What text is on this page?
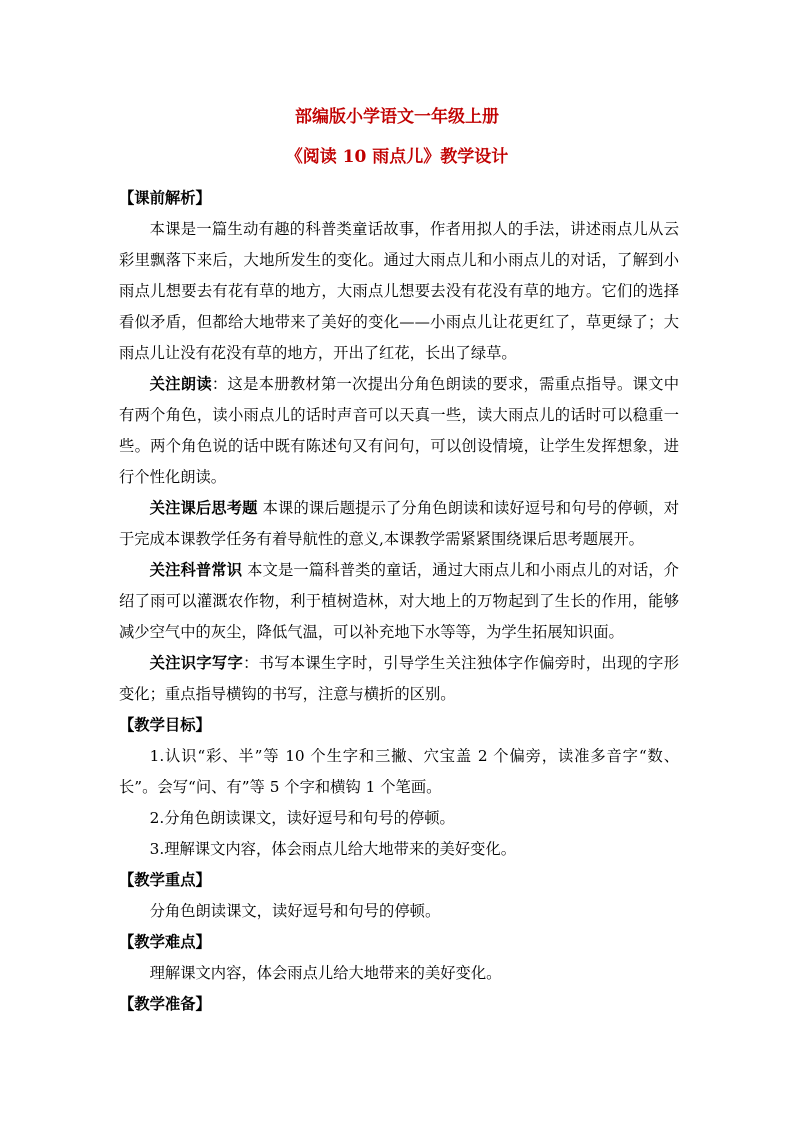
部编版小学语文一年级上册
《阅读 10 雨点儿》教学设计

【课前解析】

本课是一篇生动有趣的科普类童话故事，作者用拟人的手法，讲述雨点儿从云彩里飘落下来后，大地所发生的变化。通过大雨点儿和小雨点儿的对话，了解到小雨点儿想要去有花有草的地方，大雨点儿想要去没有花没有草的地方。它们的选择看似矛盾，但都给大地带来了美好的变化——小雨点儿让花更红了，草更绿了；大雨点儿让没有花没有草的地方，开出了红花，长出了绿草。

关注朗读：这是本册教材第一次提出分角色朗读的要求，需重点指导。课文中有两个角色，读小雨点儿的话时声音可以天真一些，读大雨点儿的话时可以稳重一些。两个角色说的话中既有陈述句又有问句，可以创设情境，让学生发挥想象，进行个性化朗读。

关注课后思考题 本课的课后题提示了分角色朗读和读好逗号和句号的停顿，对于完成本课教学任务有着导航性的意义,本课教学需紧紧围绕课后思考题展开。

关注科普常识 本文是一篇科普类的童话，通过大雨点儿和小雨点儿的对话，介绍了雨可以灌溉农作物，利于植树造林，对大地上的万物起到了生长的作用，能够减少空气中的灰尘，降低气温，可以补充地下水等等，为学生拓展知识面。

关注识字写字：书写本课生字时，引导学生关注独体字作偏旁时，出现的字形变化；重点指导横钩的书写，注意与横折的区别。

【教学目标】

1.认识“彩、半”等 10 个生字和三撇、穴宝盖 2 个偏旁，读准多音字“数、长”。会写“问、有”等 5 个字和横钩 1 个笔画。

2.分角色朗读课文，读好逗号和句号的停顿。

3.理解课文内容，体会雨点儿给大地带来的美好变化。

【教学重点】

分角色朗读课文，读好逗号和句号的停顿。

【教学难点】

理解课文内容，体会雨点儿给大地带来的美好变化。

【教学准备】
